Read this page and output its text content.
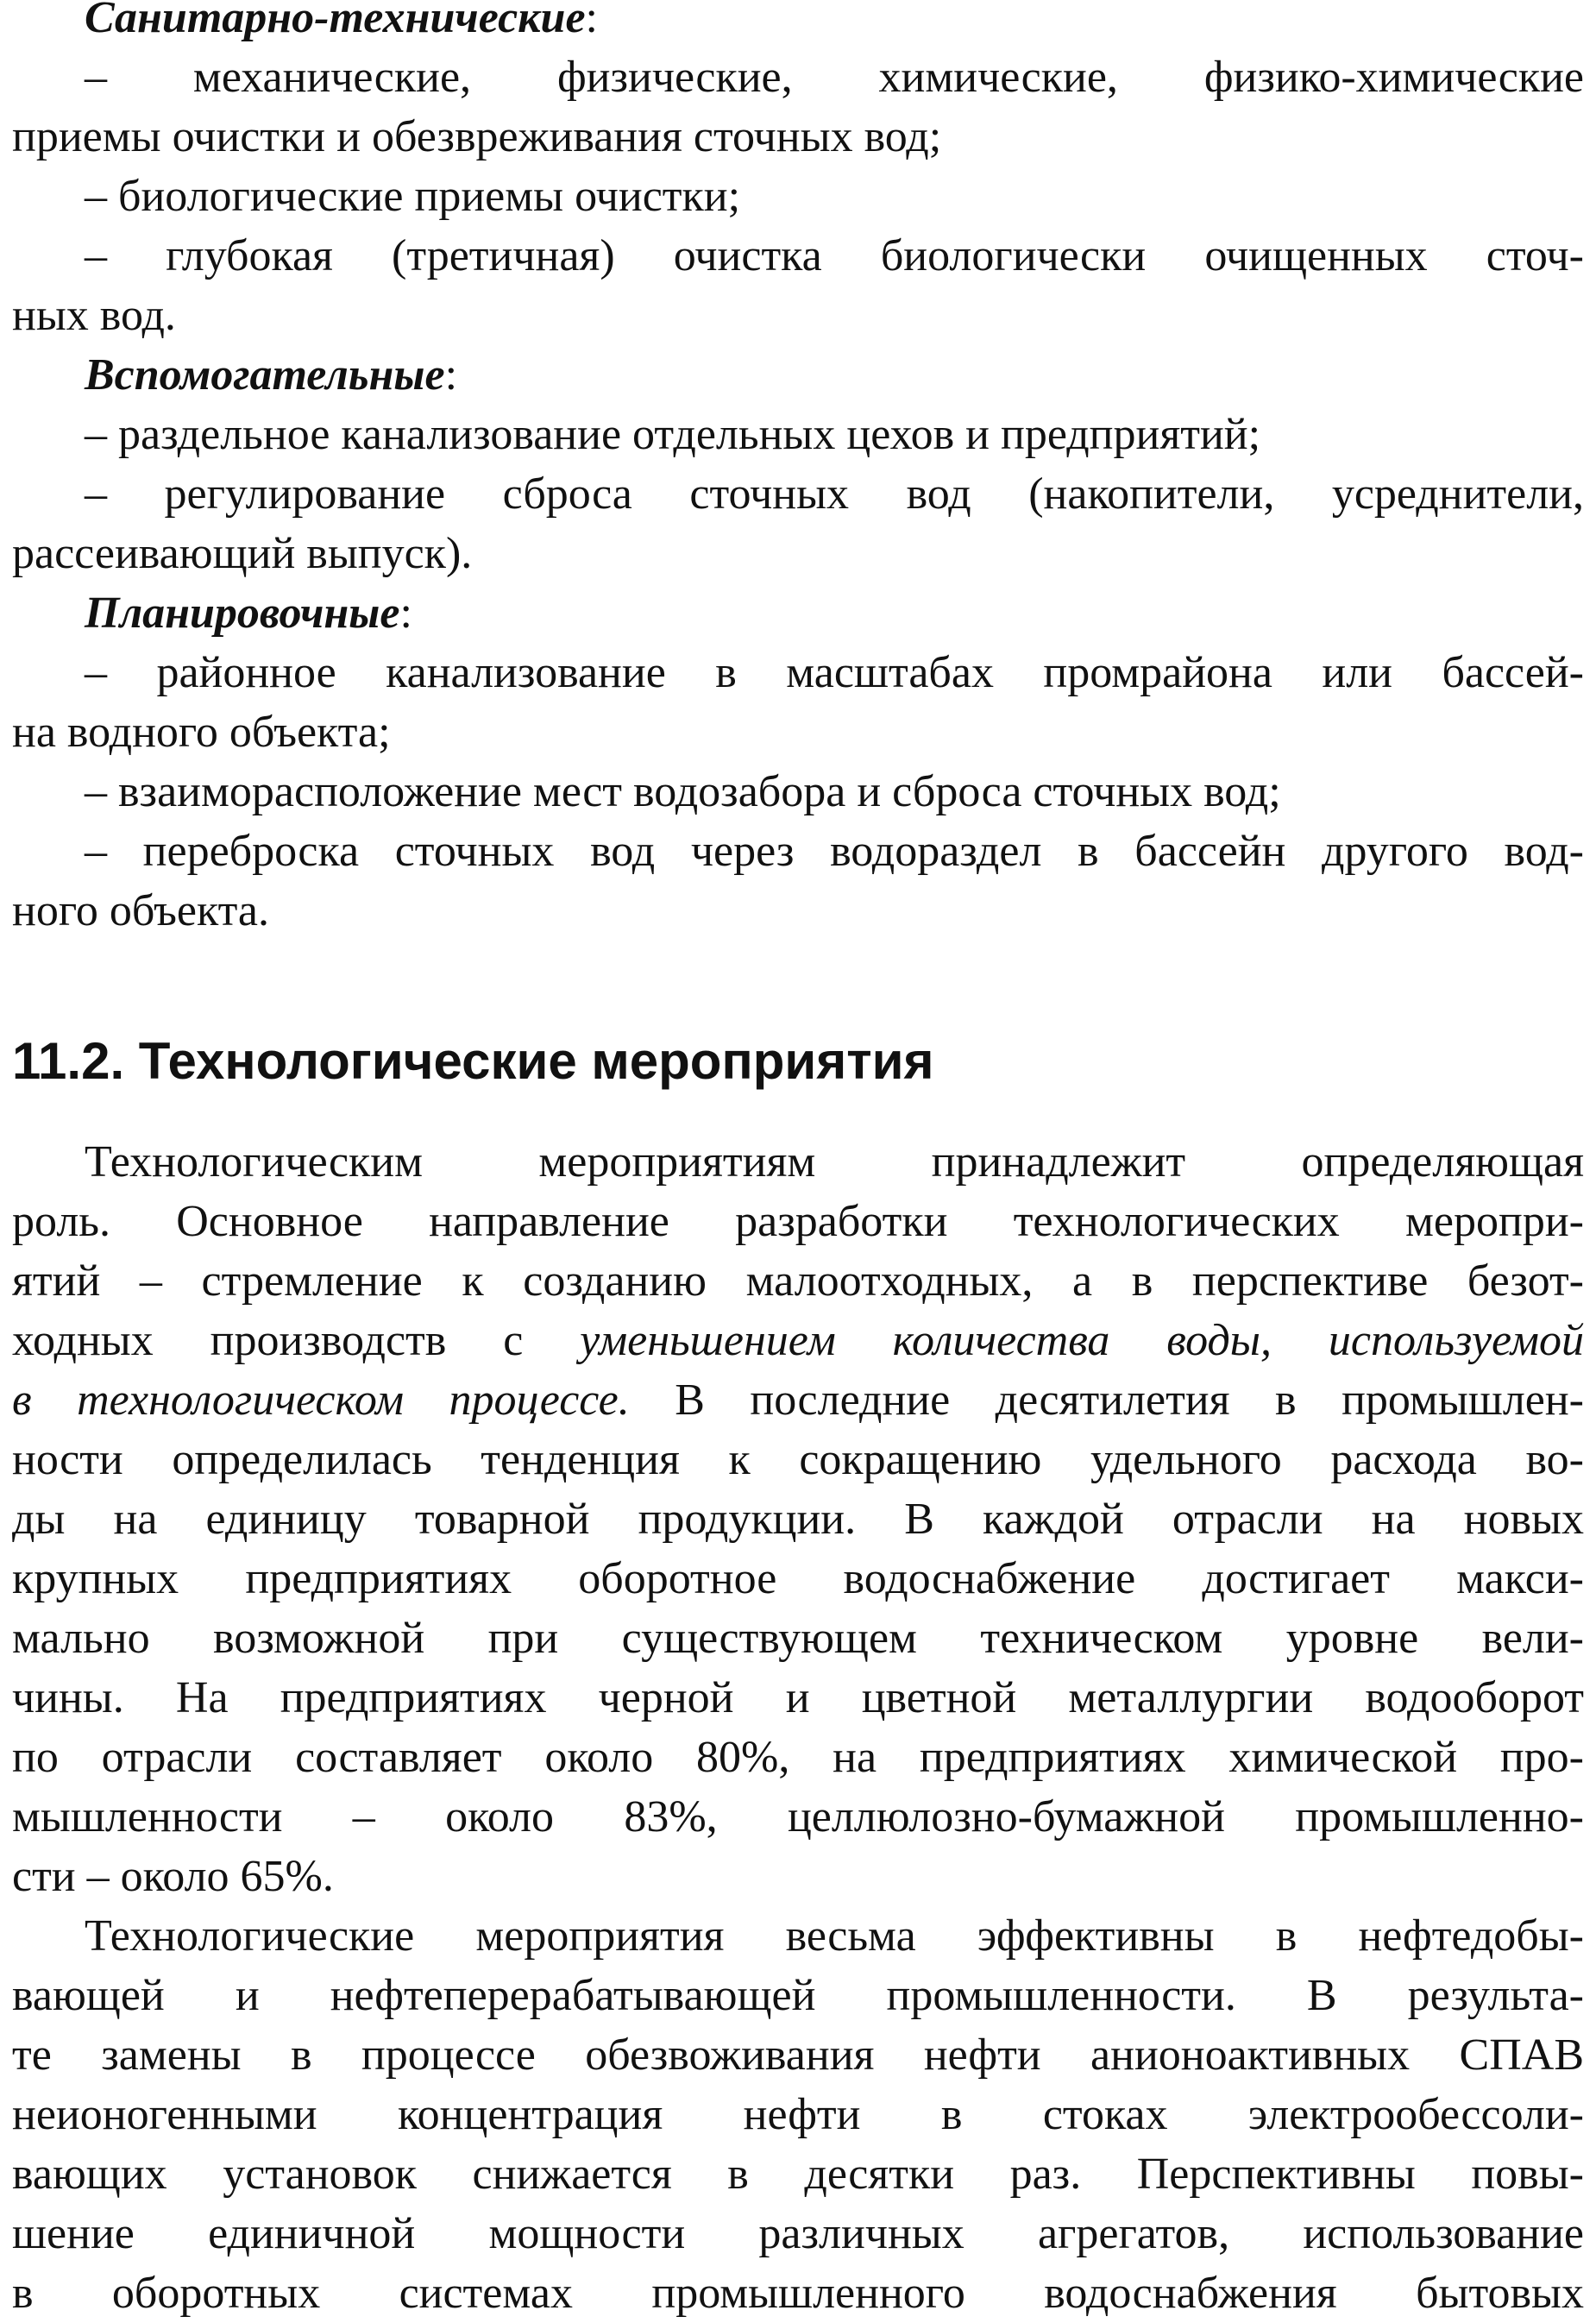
Санитарно-технические:

– механические, физические, химические, физико-химические

приемы очистки и обезвреживания сточных вод;

– биологические приемы очистки;

– глубокая (третичная) очистка биологически очищенных сточ-

ных вод.

Вспомогательные:

– раздельное канализование отдельных цехов и предприятий;

– регулирование сброса сточных вод (накопители, усреднители,

рассеивающий выпуск).

Планировочные:

– районное канализование в масштабах промрайона или бассей-

на водного объекта;

– взаиморасположение мест водозабора и сброса сточных вод;

– переброска сточных вод через водораздел в бассейн другого вод-

ного объекта.

11.2. Технологические мероприятия

Технологическим мероприятиям принадлежит определяющая

роль. Основное направление разработки технологических меропри-

ятий – стремление к созданию малоотходных, а в перспективе безот-

ходных производств с уменьшением количества воды, используемой

в технологическом процессе. В последние десятилетия в промышлен-

ности определилась тенденция к сокращению удельного расхода во-

ды на единицу товарной продукции. В каждой отрасли на новых

крупных предприятиях оборотное водоснабжение достигает макси-

мально возможной при существующем техническом уровне вели-

чины. На предприятиях черной и цветной металлургии водооборот

по отрасли составляет около 80%, на предприятиях химической про-

мышленности – около 83%, целлюлозно-бумажной промышленно-

сти – около 65%.

Технологические мероприятия весьма эффективны в нефтедобы-

вающей и нефтеперерабатывающей промышленности. В результа-

те замены в процессе обезвоживания нефти анионоактивных СПАВ

неионогенными концентрация нефти в стоках электрообессоли-

вающих установок снижается в десятки раз. Перспективны повы-

шение единичной мощности различных агрегатов, использование

в оборотных системах промышленного водоснабжения бытовых
